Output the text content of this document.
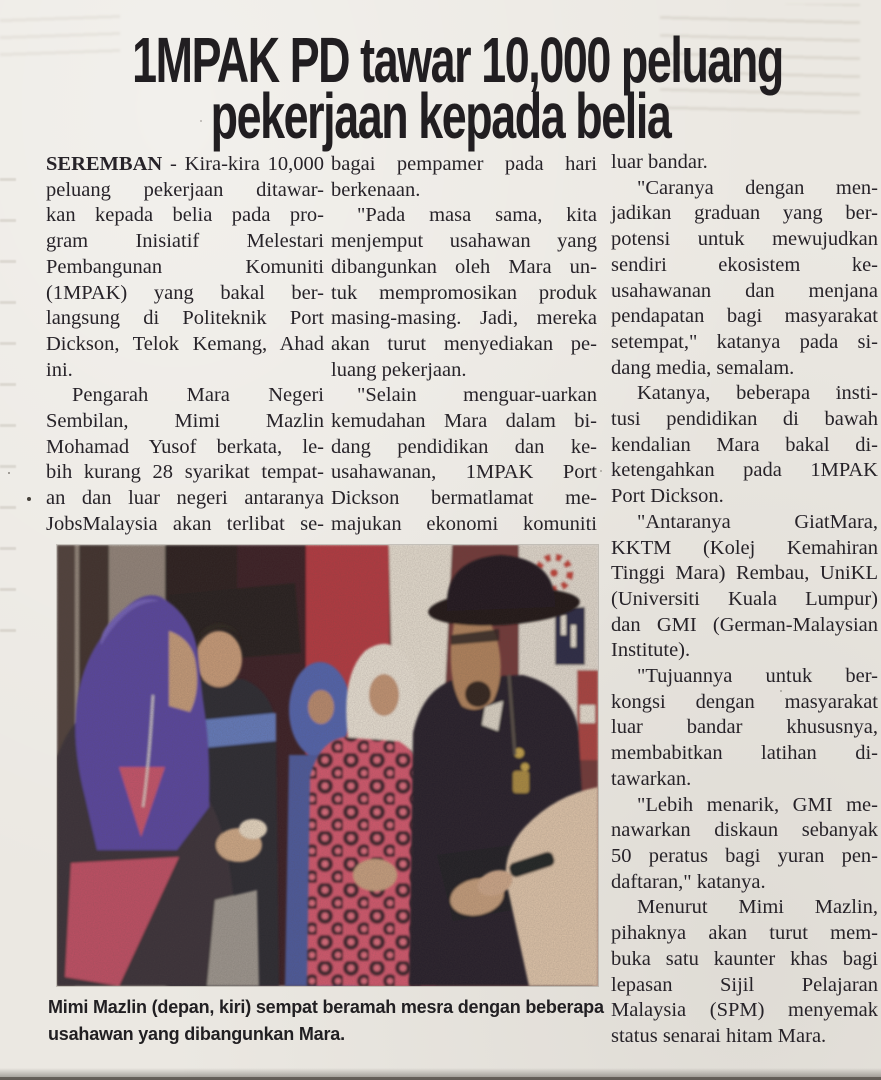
1MPAK PD tawar 10,000 peluang
pekerjaan kepada belia
SEREMBAN - Kira-kira 10,000
peluang pekerjaan ditawar-
kan kepada belia pada pro-
gram Inisiatif Melestari
Pembangunan Komuniti
(1MPAK) yang bakal ber-
langsung di Politeknik Port
Dickson, Telok Kemang, Ahad
ini.
Pengarah Mara Negeri
Sembilan, Mimi Mazlin
Mohamad Yusof berkata, le-
bih kurang 28 syarikat tempat-
an dan luar negeri antaranya
JobsMalaysia akan terlibat se-
bagai pempamer pada hari
berkenaan.
"Pada masa sama, kita
menjemput usahawan yang
dibangunkan oleh Mara un-
tuk mempromosikan produk
masing-masing. Jadi, mereka
akan turut menyediakan pe-
luang pekerjaan.
"Selain menguar-uarkan
kemudahan Mara dalam bi-
dang pendidikan dan ke-
usahawanan, 1MPAK Port
Dickson bermatlamat me-
majukan ekonomi komuniti
luar bandar.
"Caranya dengan men-
jadikan graduan yang ber-
potensi untuk mewujudkan
sendiri ekosistem ke-
usahawanan dan menjana
pendapatan bagi masyarakat
setempat," katanya pada si-
dang media, semalam.
Katanya, beberapa insti-
tusi pendidikan di bawah
kendalian Mara bakal di-
ketengahkan pada 1MPAK
Port Dickson.
"Antaranya GiatMara,
KKTM (Kolej Kemahiran
Tinggi Mara) Rembau, UniKL
(Universiti Kuala Lumpur)
dan GMI (German-Malaysian
Institute).
"Tujuannya untuk ber-
kongsi dengan masyarakat
luar bandar khususnya,
membabitkan latihan di-
tawarkan.
"Lebih menarik, GMI me-
nawarkan diskaun sebanyak
50 peratus bagi yuran pen-
daftaran," katanya.
Menurut Mimi Mazlin,
pihaknya akan turut mem-
buka satu kaunter khas bagi
lepasan Sijil Pelajaran
Malaysia (SPM) menyemak
status senarai hitam Mara.
Mimi Mazlin (depan, kiri) sempat beramah mesra dengan beberapa usahawan yang dibangunkan Mara.
